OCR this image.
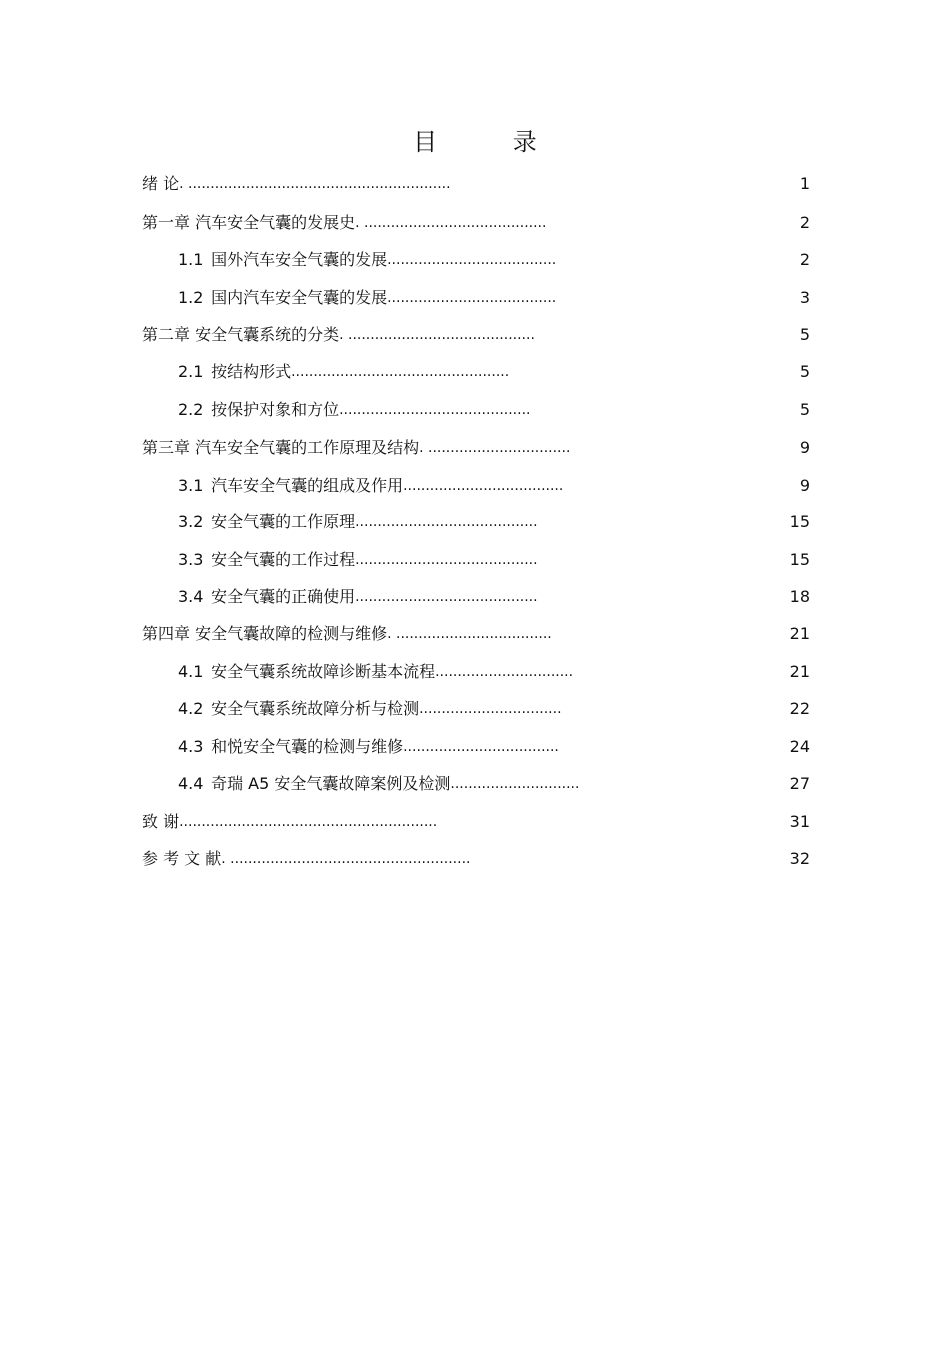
目 录
绪 论. ...........................................................	1
第一章 汽车安全气囊的发展史. .........................................	2
1.1 国外汽车安全气囊的发展......................................	2
1.2 国内汽车安全气囊的发展......................................	3
第二章 安全气囊系统的分类. ..........................................	5
2.1 按结构形式.................................................	5
2.2 按保护对象和方位...........................................	5
第三章 汽车安全气囊的工作原理及结构. ................................	9
3.1 汽车安全气囊的组成及作用....................................	9
3.2 安全气囊的工作原理.........................................	15
3.3 安全气囊的工作过程.........................................	15
3.4 安全气囊的正确使用.........................................	18
第四章 安全气囊故障的检测与维修. ...................................	21
4.1 安全气囊系统故障诊断基本流程...............................	21
4.2 安全气囊系统故障分析与检测................................	22
4.3 和悦安全气囊的检测与维修...................................	24
4.4 奇瑞 A5 安全气囊故障案例及检测.............................	27
致 谢..........................................................	31
参 考 文 献. ......................................................	32
